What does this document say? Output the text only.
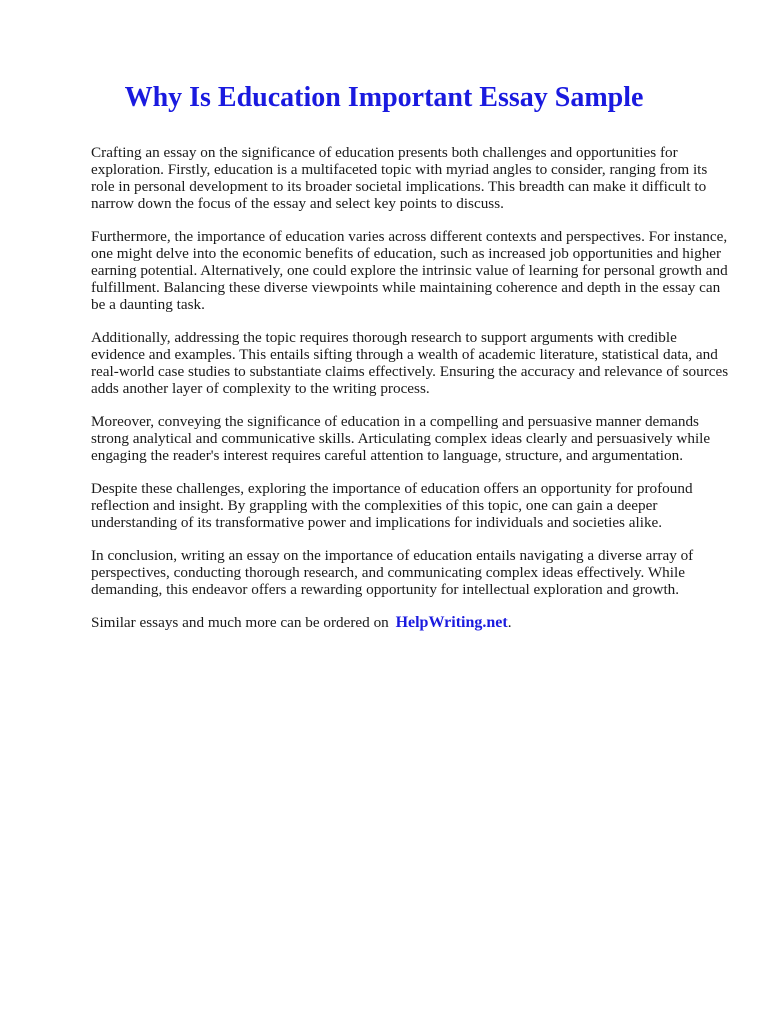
Why Is Education Important Essay Sample

Crafting an essay on the significance of education presents both challenges and opportunities for exploration. Firstly, education is a multifaceted topic with myriad angles to consider, ranging from its role in personal development to its broader societal implications. This breadth can make it difficult to narrow down the focus of the essay and select key points to discuss.

Furthermore, the importance of education varies across different contexts and perspectives. For instance, one might delve into the economic benefits of education, such as increased job opportunities and higher earning potential. Alternatively, one could explore the intrinsic value of learning for personal growth and fulfillment. Balancing these diverse viewpoints while maintaining coherence and depth in the essay can be a daunting task.

Additionally, addressing the topic requires thorough research to support arguments with credible evidence and examples. This entails sifting through a wealth of academic literature, statistical data, and real-world case studies to substantiate claims effectively. Ensuring the accuracy and relevance of sources adds another layer of complexity to the writing process.

Moreover, conveying the significance of education in a compelling and persuasive manner demands strong analytical and communicative skills. Articulating complex ideas clearly and persuasively while engaging the reader's interest requires careful attention to language, structure, and argumentation.

Despite these challenges, exploring the importance of education offers an opportunity for profound reflection and insight. By grappling with the complexities of this topic, one can gain a deeper understanding of its transformative power and implications for individuals and societies alike.

In conclusion, writing an essay on the importance of education entails navigating a diverse array of perspectives, conducting thorough research, and communicating complex ideas effectively. While demanding, this endeavor offers a rewarding opportunity for intellectual exploration and growth.

Similar essays and much more can be ordered on HelpWriting.net.
